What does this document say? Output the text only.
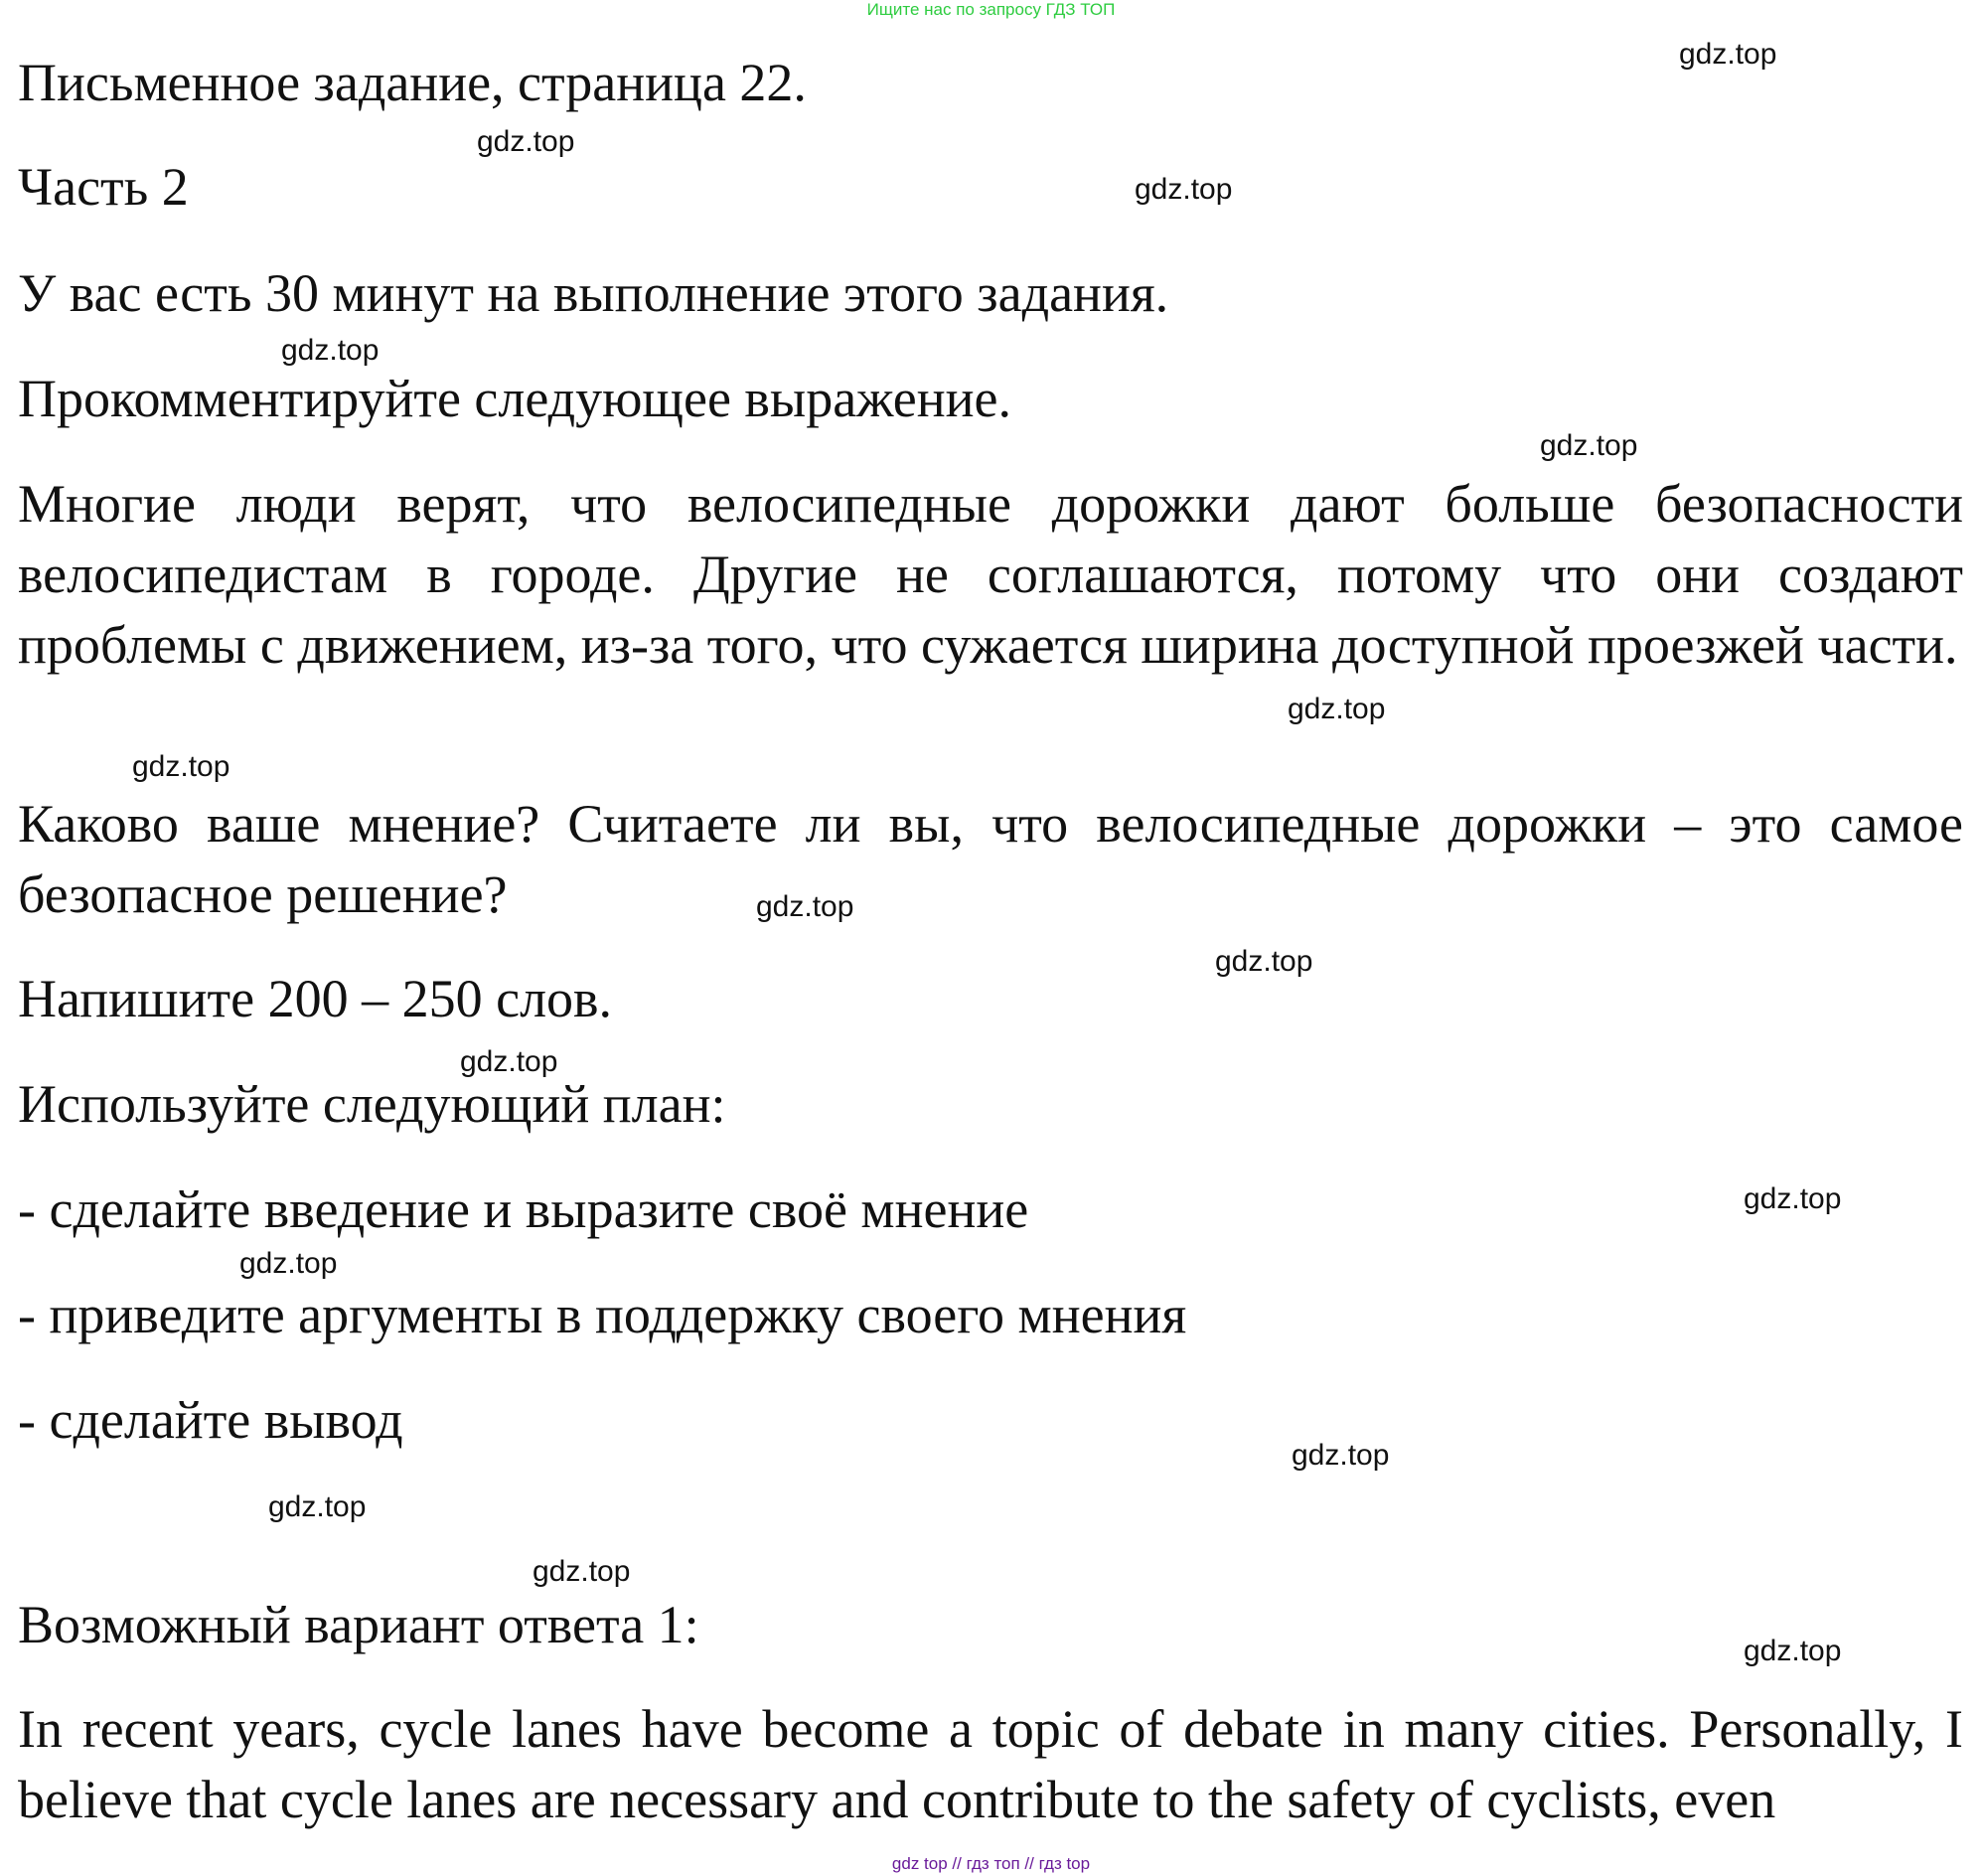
Ищите нас по запросу ГДЗ ТОП
Письменное задание, страница 22.
Часть 2
У вас есть 30 минут на выполнение этого задания.
Прокомментируйте следующее выражение.

Многие люди верят, что велосипедные дорожки дают больше безопасности велосипедистам в городе. Другие не соглашаются, потому что они создают проблемы с движением, из-за того, что сужается ширина доступной проезжей части.

Каково ваше мнение? Считаете ли вы, что велосипедные дорожки – это самое безопасное решение?

Напишите 200 – 250 слов.
Используйте следующий план:
- сделайте введение и выразите своё мнение
- приведите аргументы в поддержку своего мнения
- сделайте вывод
Возможный вариант ответа 1:

In recent years, cycle lanes have become a topic of debate in many cities. Personally, I believe that cycle lanes are necessary and contribute to the safety of cyclists, even

gdz.top
gdz.top
gdz.top
gdz.top
gdz.top
gdz.top
gdz.top
gdz.top
gdz.top
gdz.top
gdz.top
gdz.top
gdz.top
gdz.top
gdz.top
gdz.top
gdz top // гдз топ // гдз top
